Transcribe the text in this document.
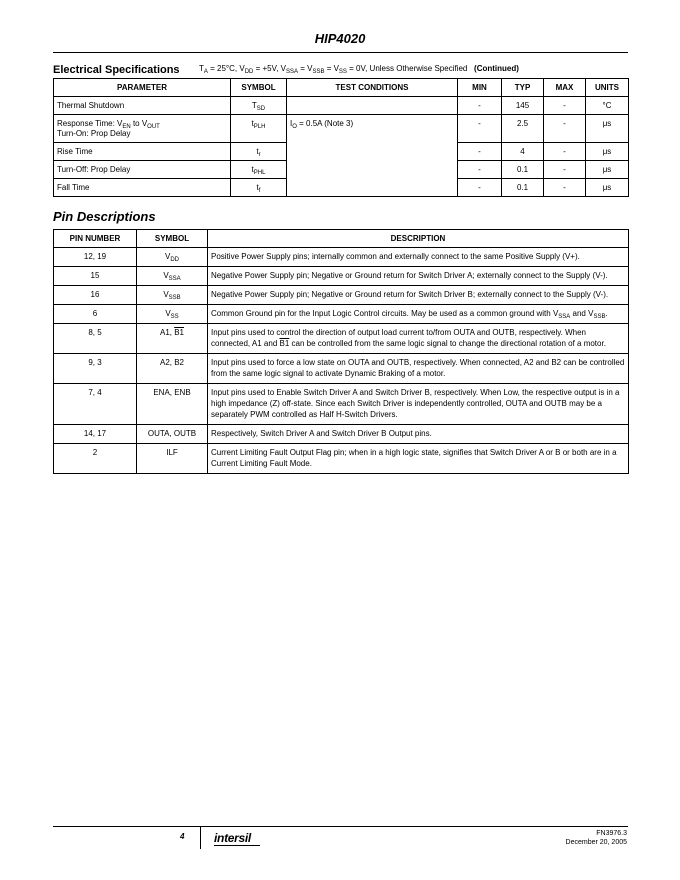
HIP4020
Electrical Specifications $T_A = 25^\circ C$, $V_{DD} = +5V$, $V_{SSA} = V_{SSB} = V_{SS} = 0V$, Unless Otherwise Specified (Continued)
PARAMETER	SYMBOL	TEST CONDITIONS	MIN	TYP	MAX	UNITS
Thermal Shutdown	$T_{SD}$		-	145	-	°C
Response Time: $V_{EN}$ to $V_{OUT}$
Turn-On: Prop Delay	$t_{PLH}$	$I_O = 0.5A$ (Note 3)	-	2.5	-	μs
Rise Time	$t_r$		-	4	-	μs
Turn-Off: Prop Delay	$t_{PHL}$		-	0.1	-	μs
Fall Time	$t_f$		-	0.1	-	μs
Pin Descriptions
PIN NUMBER	SYMBOL	DESCRIPTION
12, 19	$V_{DD}$	Positive Power Supply pins; internally common and externally connect to the same Positive Supply (V+).
15	$V_{SSA}$	Negative Power Supply pin; Negative or Ground return for Switch Driver A; externally connect to the Supply (V-).
16	$V_{SSB}$	Negative Power Supply pin; Negative or Ground return for Switch Driver B; externally connect to the Supply (V-).
6	$V_{SS}$	Common Ground pin for the Input Logic Control circuits. May be used as a common ground with $V_{SSA}$ and $V_{SSB}$.
8, 5	A1, B1	Input pins used to control the direction of output load current to/from OUTA and OUTB, respectively. When connected, A1 and B1 can be controlled from the same logic signal to change the directional rotation of a motor.
9, 3	A2, B2	Input pins used to force a low state on OUTA and OUTB, respectively. When connected, A2 and B2 can be controlled from the same logic signal to activate Dynamic Braking of a motor.
7, 4	ENA, ENB	Input pins used to Enable Switch Driver A and Switch Driver B, respectively. When Low, the respective output is in a high impedance (Z) off-state. Since each Switch Driver is independently controlled, OUTA and OUTB may be a separately PWM controlled as Half H-Switch Drivers.
14, 17	OUTA, OUTB	Respectively, Switch Driver A and Switch Driver B Output pins.
2	ILF	Current Limiting Fault Output Flag pin; when in a high logic state, signifies that Switch Driver A or B or both are in a Current Limiting Fault Mode.
4 intersil	FN3976.3
December 20, 2005
